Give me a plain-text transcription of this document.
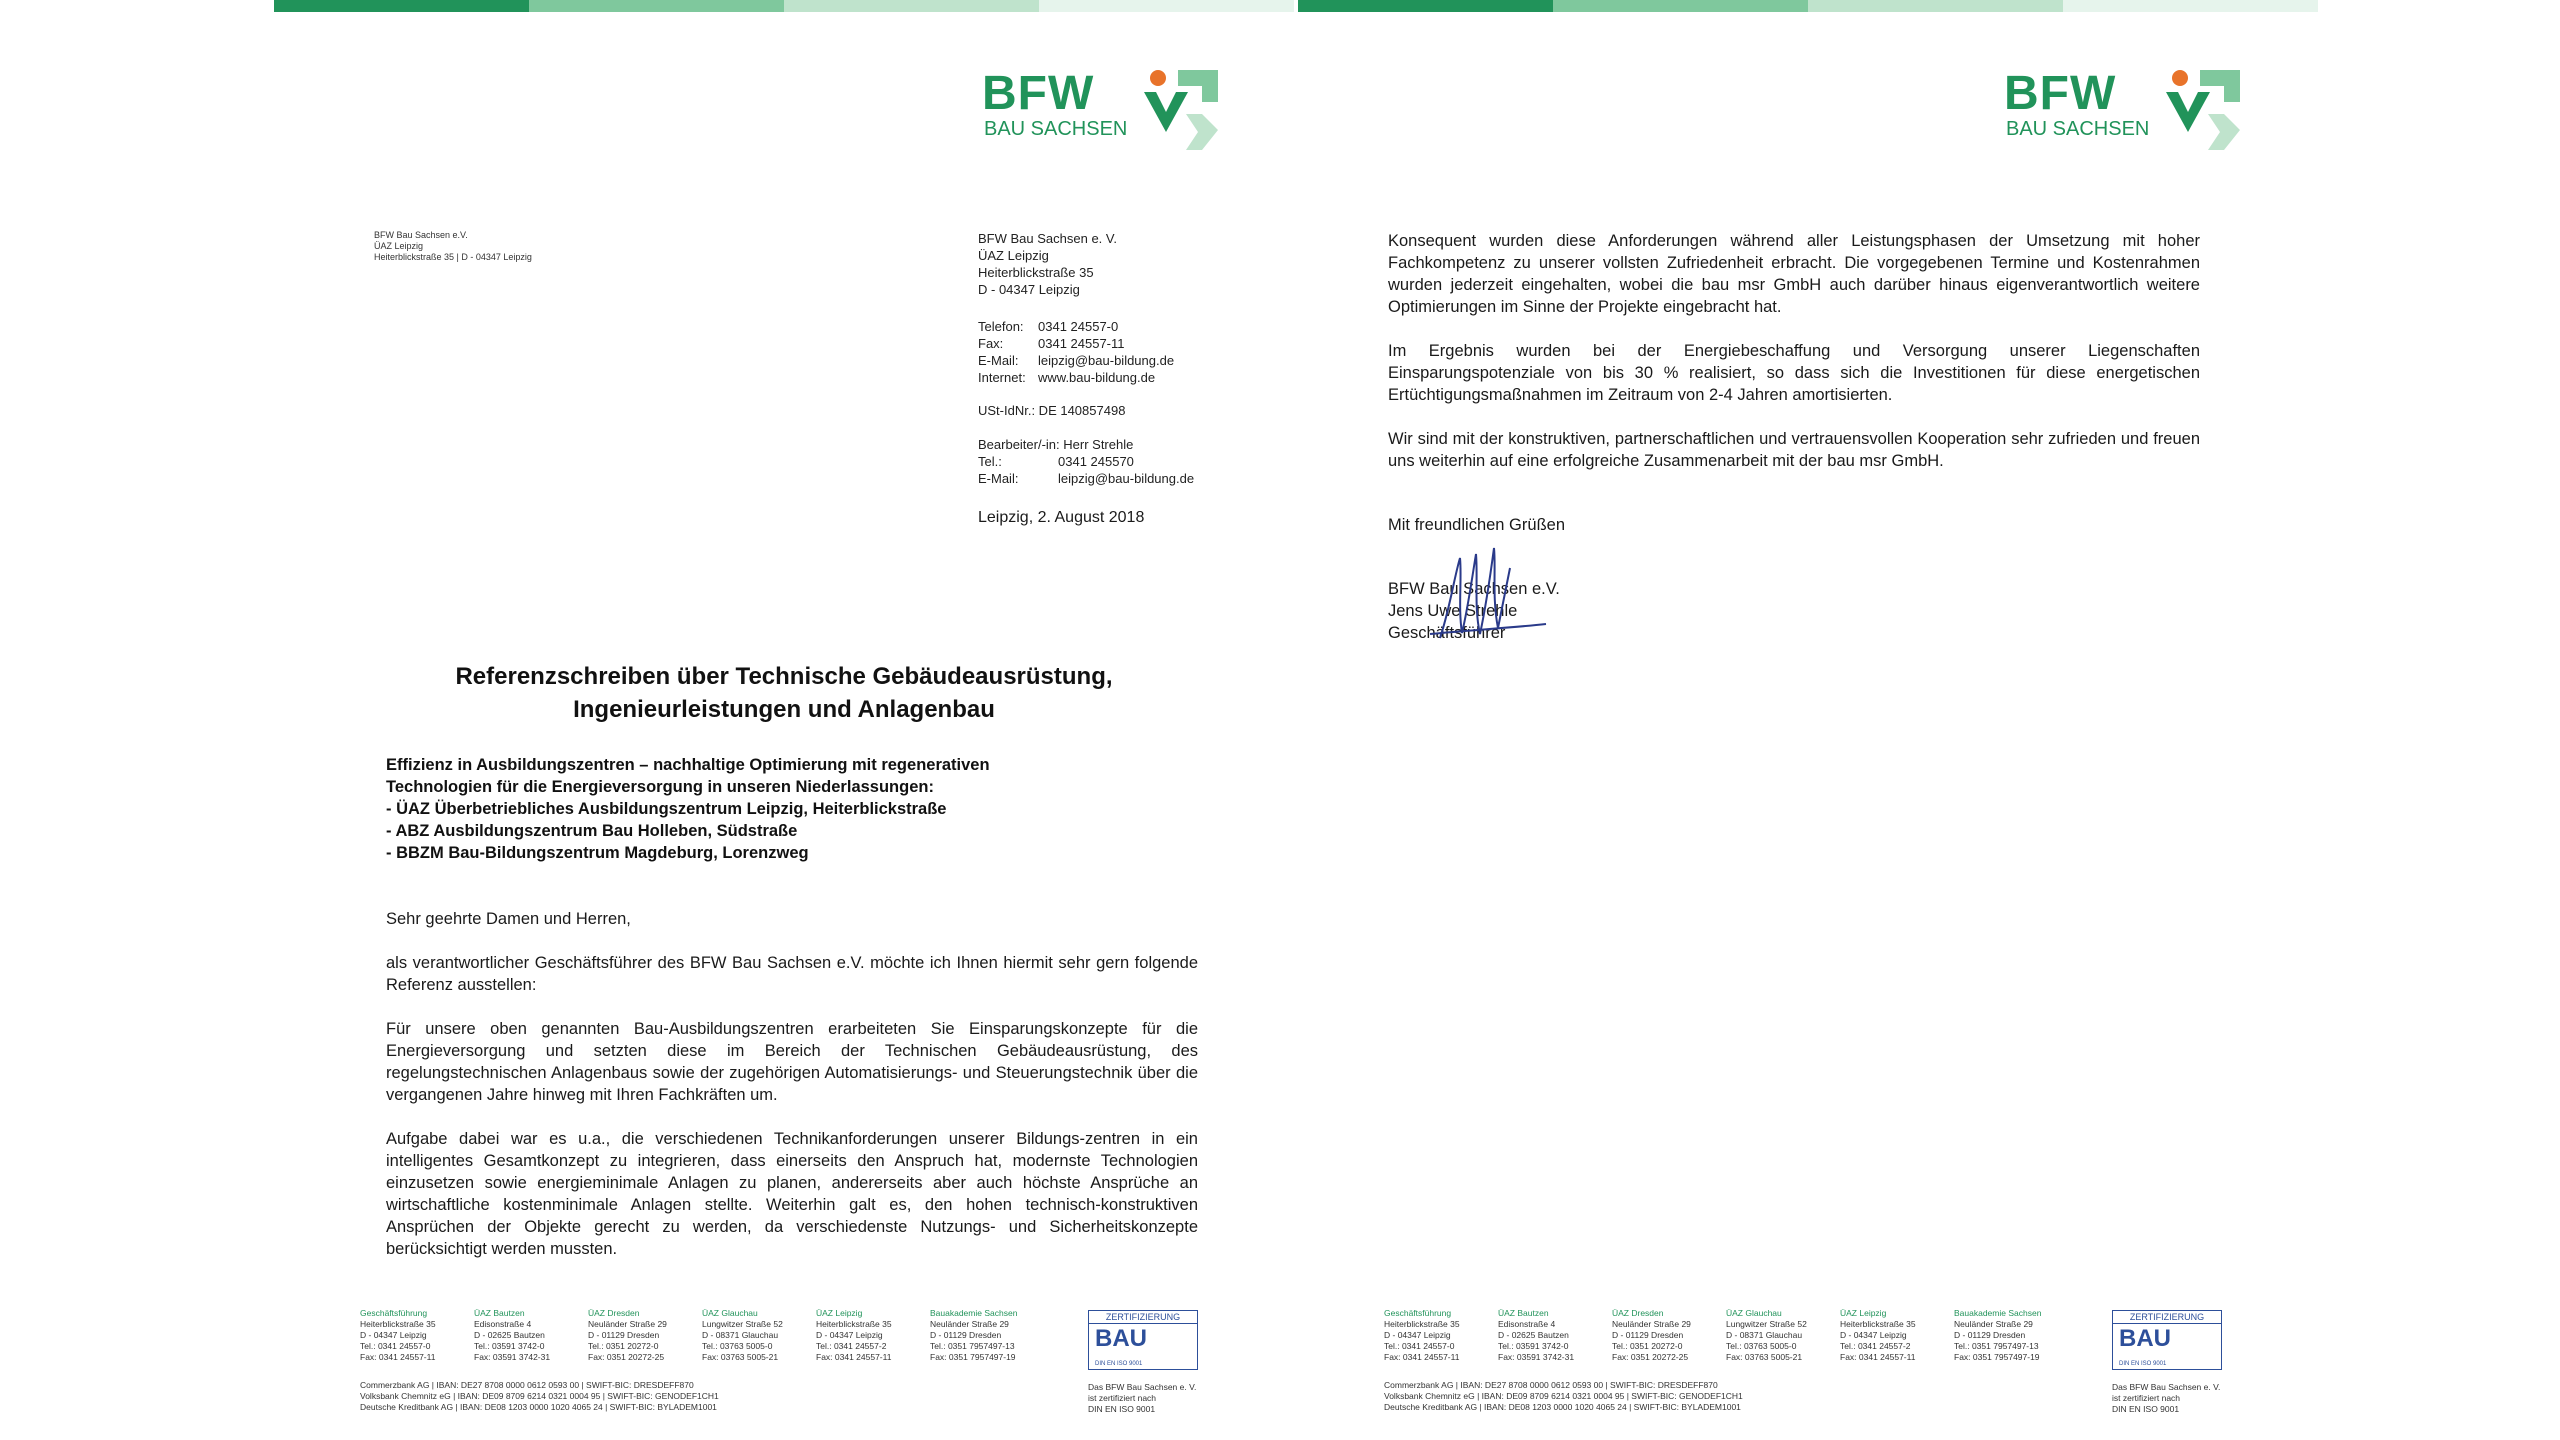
BFW
BAU SACHSEN
BFW Bau Sachsen e.V.
ÜAZ Leipzig
Heiterblickstraße 35 | D - 04347 Leipzig
BFW Bau Sachsen e. V.
ÜAZ Leipzig
Heiterblickstraße 35
D - 04347 Leipzig
Telefon:	0341 24557-0
Fax:	0341 24557-11
E-Mail:	leipzig@bau-bildung.de
Internet: www.bau-bildung.de
USt-IdNr.: DE 140857498
Bearbeiter/-in: Herr Strehle
Tel.:	0341 245570
E-Mail:	leipzig@bau-bildung.de
Leipzig, 2. August 2018
Referenzschreiben über Technische Gebäudeausrüstung,
Ingenieurleistungen und Anlagenbau
Effizienz in Ausbildungszentren – nachhaltige Optimierung mit regenerativen
Technologien für die Energieversorgung in unseren Niederlassungen:
- ÜAZ Überbetriebliches Ausbildungszentrum Leipzig, Heiterblickstraße
- ABZ Ausbildungszentrum Bau Holleben, Südstraße
- BBZM Bau-Bildungszentrum Magdeburg, Lorenzweg
Sehr geehrte Damen und Herren,
als verantwortlicher Geschäftsführer des BFW Bau Sachsen e.V. möchte ich Ihnen hiermit sehr gern folgende Referenz ausstellen:
Für unsere oben genannten Bau-Ausbildungszentren erarbeiteten Sie Einsparungskonzepte für die Energieversorgung und setzten diese im Bereich der Technischen Gebäudeausrüstung, des regelungstechnischen Anlagenbaus sowie der zugehörigen Automatisierungs- und Steuerungstechnik über die vergangenen Jahre hinweg mit Ihren Fachkräften um.
Aufgabe dabei war es u.a., die verschiedenen Technikanforderungen unserer Bildungs-zentren in ein intelligentes Gesamtkonzept zu integrieren, dass einerseits den Anspruch hat, modernste Technologien einzusetzen sowie energieminimale Anlagen zu planen, andererseits aber auch höchste Ansprüche an wirtschaftliche kostenminimale Anlagen stellte. Weiterhin galt es, den hohen technisch-konstruktiven Ansprüchen der Objekte gerecht zu werden, da verschiedenste Nutzungs- und Sicherheitskonzepte berücksichtigt werden mussten.
Geschäftsführung
Heiterblickstraße 35
D - 04347 Leipzig
Tel.: 0341 24557-0
Fax: 0341 24557-11
ÜAZ Bautzen
Edisonstraße 4
D - 02625 Bautzen
Tel.: 03591 3742-0
Fax: 03591 3742-31
ÜAZ Dresden
Neuländer Straße 29
D - 01129 Dresden
Tel.: 0351 20272-0
Fax: 0351 20272-25
ÜAZ Glauchau
Lungwitzer Straße 52
D - 08371 Glauchau
Tel.: 03763 5005-0
Fax: 03763 5005-21
ÜAZ Leipzig
Heiterblickstraße 35
D - 04347 Leipzig
Tel.: 0341 24557-2
Fax: 0341 24557-11
Bauakademie Sachsen
Neuländer Straße 29
D - 01129 Dresden
Tel.: 0351 7957497-13
Fax: 0351 7957497-19
Commerzbank AG | IBAN: DE27 8708 0000 0612 0593 00 | SWIFT-BIC: DRESDEFF870
Volksbank Chemnitz eG | IBAN: DE09 8709 6214 0321 0004 95 | SWIFT-BIC: GENODEF1CH1
Deutsche Kreditbank AG | IBAN: DE08 1203 0000 1020 4065 24 | SWIFT-BIC: BYLADEM1001
ZERTIFIZIERUNG
BAU
DIN EN ISO 9001
Das BFW Bau Sachsen e. V.
ist zertifiziert nach
DIN EN ISO 9001
BFW
BAU SACHSEN
Konsequent wurden diese Anforderungen während aller Leistungsphasen der Umsetzung mit hoher Fachkompetenz zu unserer vollsten Zufriedenheit erbracht. Die vorgegebenen Termine und Kostenrahmen wurden jederzeit eingehalten, wobei die bau msr GmbH auch darüber hinaus eigenverantwortlich weitere Optimierungen im Sinne der Projekte eingebracht hat.
Im Ergebnis wurden bei der Energiebeschaffung und Versorgung unserer Liegenschaften Einsparungspotenziale von bis 30 % realisiert, so dass sich die Investitionen für diese energetischen Ertüchtigungsmaßnahmen im Zeitraum von 2-4 Jahren amortisierten.
Wir sind mit der konstruktiven, partnerschaftlichen und vertrauensvollen Kooperation sehr zufrieden und freuen uns weiterhin auf eine erfolgreiche Zusammenarbeit mit der bau msr GmbH.
Mit freundlichen Grüßen
BFW Bau Sachsen e.V.
Jens Uwe Strehle
Geschäftsführer
Geschäftsführung
Heiterblickstraße 35
D - 04347 Leipzig
Tel.: 0341 24557-0
Fax: 0341 24557-11
ÜAZ Bautzen
Edisonstraße 4
D - 02625 Bautzen
Tel.: 03591 3742-0
Fax: 03591 3742-31
ÜAZ Dresden
Neuländer Straße 29
D - 01129 Dresden
Tel.: 0351 20272-0
Fax: 0351 20272-25
ÜAZ Glauchau
Lungwitzer Straße 52
D - 08371 Glauchau
Tel.: 03763 5005-0
Fax: 03763 5005-21
ÜAZ Leipzig
Heiterblickstraße 35
D - 04347 Leipzig
Tel.: 0341 24557-2
Fax: 0341 24557-11
Bauakademie Sachsen
Neuländer Straße 29
D - 01129 Dresden
Tel.: 0351 7957497-13
Fax: 0351 7957497-19
Commerzbank AG | IBAN: DE27 8708 0000 0612 0593 00 | SWIFT-BIC: DRESDEFF870
Volksbank Chemnitz eG | IBAN: DE09 8709 6214 0321 0004 95 | SWIFT-BIC: GENODEF1CH1
Deutsche Kreditbank AG | IBAN: DE08 1203 0000 1020 4065 24 | SWIFT-BIC: BYLADEM1001
ZERTIFIZIERUNG
BAU
DIN EN ISO 9001
Das BFW Bau Sachsen e. V.
ist zertifiziert nach
DIN EN ISO 9001
